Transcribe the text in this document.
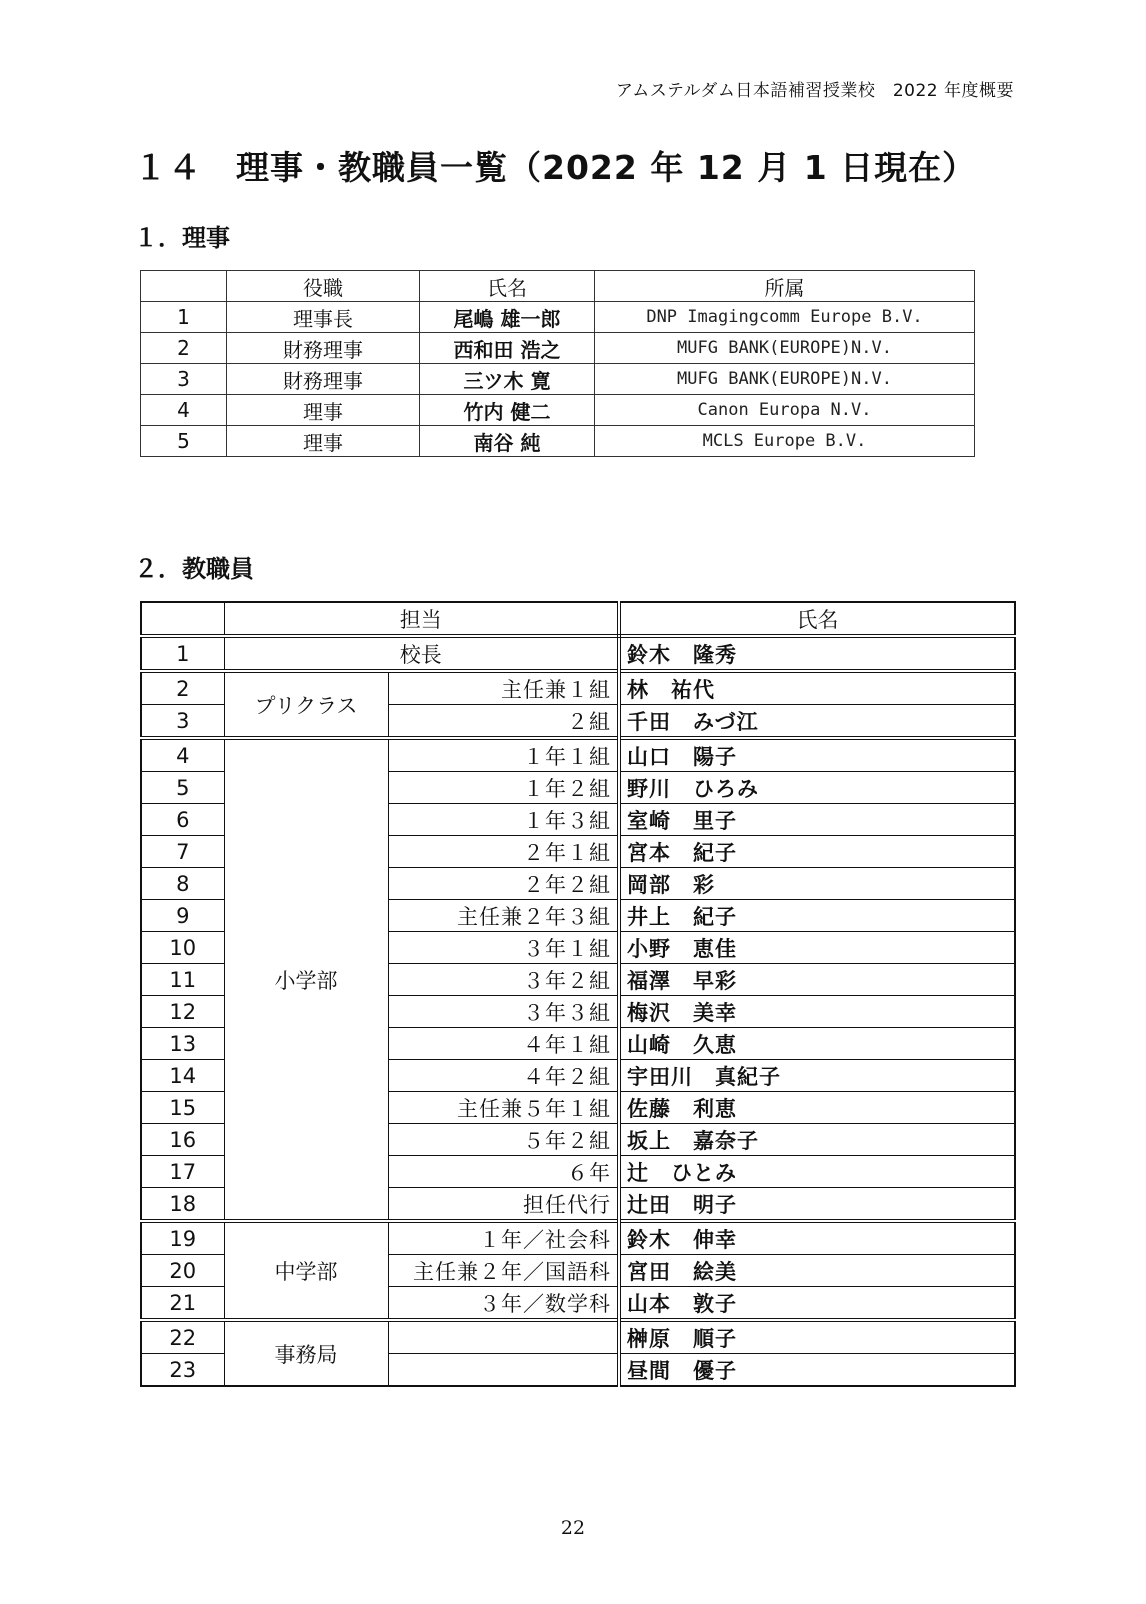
アムステルダム日本語補習授業校　2022 年度概要
１４　理事・教職員一覧（2022 年 12 月 1 日現在）
１．理事
	役職	氏名	所属
1	理事長	尾嶋 雄一郎	DNP Imagingcomm Europe B.V.
2	財務理事	西和田 浩之	MUFG BANK(EUROPE)N.V.
3	財務理事	三ツ木 寛	MUFG BANK(EUROPE)N.V.
4	理事	竹内 健二	Canon Europa N.V.
5	理事	南谷 純	MCLS Europe B.V.
２．教職員
	担当		氏名
1	校長		鈴木　隆秀
2	プリクラス	主任兼１組	林　祐代
3		２組	千田　みづ江
4	小学部	１年１組	山口　陽子
5		１年２組	野川　ひろみ
6		１年３組	室崎　里子
7		２年１組	宮本　紀子
8		２年２組	岡部　彩
9		主任兼２年３組	井上　紀子
10		３年１組	小野　恵佳
11		３年２組	福澤　早彩
12		３年３組	梅沢　美幸
13		４年１組	山崎　久恵
14		４年２組	宇田川　真紀子
15		主任兼５年１組	佐藤　利恵
16		５年２組	坂上　嘉奈子
17		６年	辻　ひとみ
18		担任代行	辻田　明子
19	中学部	１年／社会科	鈴木　伸幸
20		主任兼２年／国語科	宮田　絵美
21		３年／数学科	山本　敦子
22	事務局		榊原　順子
23			昼間　優子
22
